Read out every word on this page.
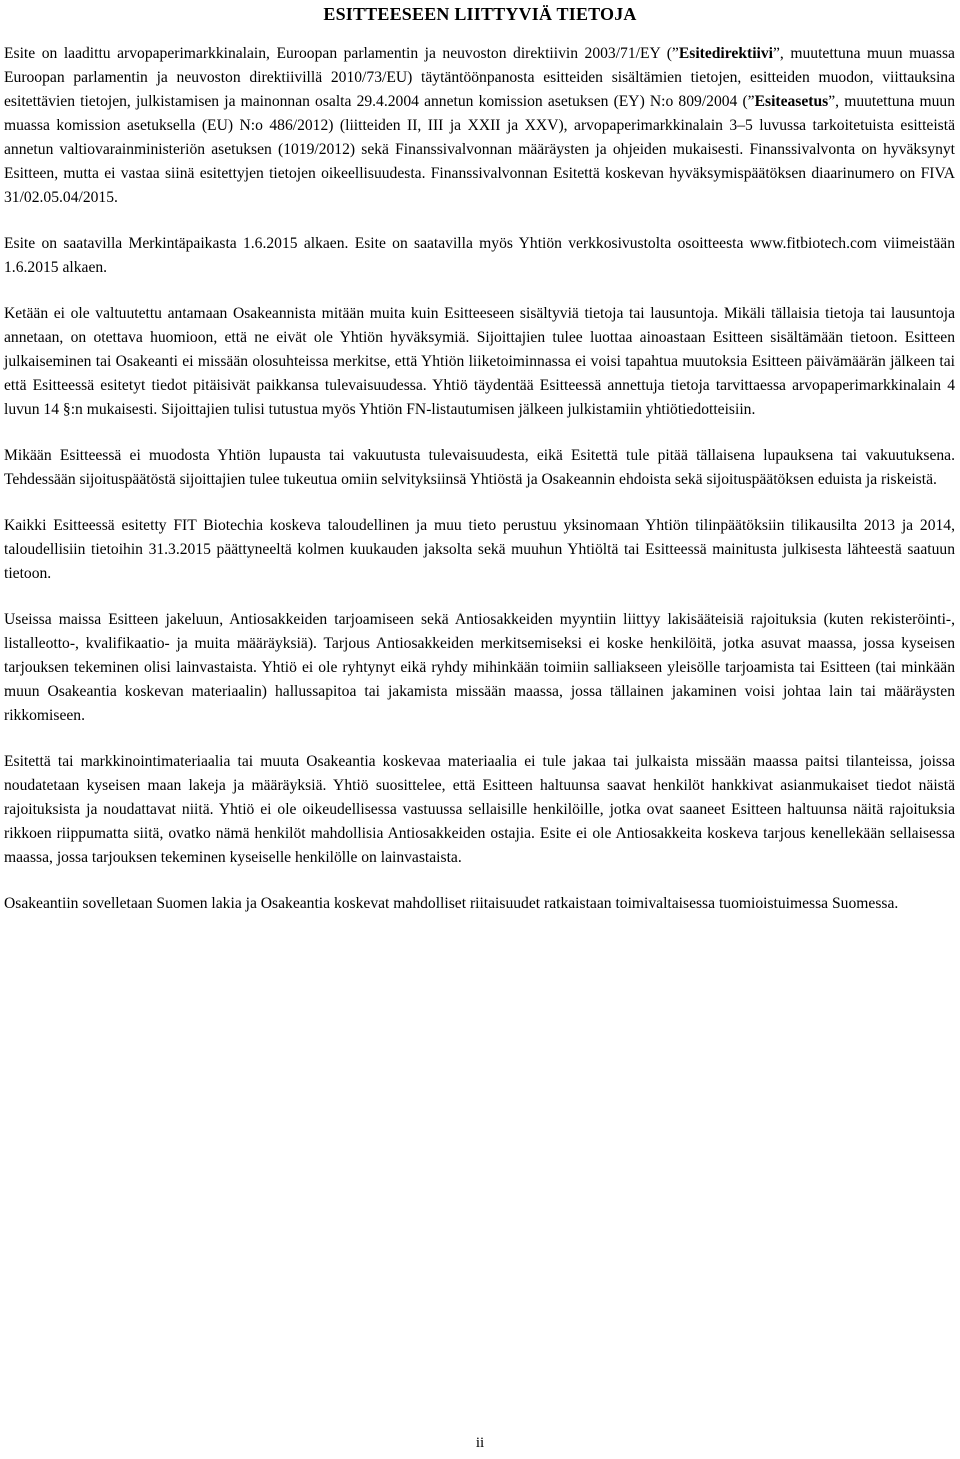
ESITTEESEEN LIITTYVIÄ TIETOJA

Esite on laadittu arvopaperimarkkinalain, Euroopan parlamentin ja neuvoston direktiivin 2003/71/EY (”Esitedirektiivi”, muutettuna muun muassa Euroopan parlamentin ja neuvoston direktiivillä 2010/73/EU) täytäntöönpanosta esitteiden sisältämien tietojen, esitteiden muodon, viittauksina esitettävien tietojen, julkistamisen ja mainonnan osalta 29.4.2004 annetun komission asetuksen (EY) N:o 809/2004 (”Esiteasetus”, muutettuna muun muassa komission asetuksella (EU) N:o 486/2012) (liitteiden II, III ja XXII ja XXV), arvopaperimarkkinalain 3–5 luvussa tarkoitetuista esitteistä annetun valtiovarainministeriön asetuksen (1019/2012) sekä Finanssivalvonnan määräysten ja ohjeiden mukaisesti. Finanssivalvonta on hyväksynyt Esitteen, mutta ei vastaa siinä esitettyjen tietojen oikeellisuudesta. Finanssivalvonnan Esitettä koskevan hyväksymispäätöksen diaarinumero on FIVA 31/02.05.04/2015.

Esite on saatavilla Merkintäpaikasta 1.6.2015 alkaen. Esite on saatavilla myös Yhtiön verkkosivustolta osoitteesta www.fitbiotech.com viimeistään 1.6.2015 alkaen.

Ketään ei ole valtuutettu antamaan Osakeannista mitään muita kuin Esitteeseen sisältyviä tietoja tai lausuntoja. Mikäli tällaisia tietoja tai lausuntoja annetaan, on otettava huomioon, että ne eivät ole Yhtiön hyväksymiä. Sijoittajien tulee luottaa ainoastaan Esitteen sisältämään tietoon. Esitteen julkaiseminen tai Osakeanti ei missään olosuhteissa merkitse, että Yhtiön liiketoiminnassa ei voisi tapahtua muutoksia Esitteen päivämäärän jälkeen tai että Esitteessä esitetyt tiedot pitäisivät paikkansa tulevaisuudessa. Yhtiö täydentää Esitteessä annettuja tietoja tarvittaessa arvopaperimarkkinalain 4 luvun 14 §:n mukaisesti. Sijoittajien tulisi tutustua myös Yhtiön FN-listautumisen jälkeen julkistamiin yhtiötiedotteisiin.

Mikään Esitteessä ei muodosta Yhtiön lupausta tai vakuutusta tulevaisuudesta, eikä Esitettä tule pitää tällaisena lupauksena tai vakuutuksena. Tehdessään sijoituspäätöstä sijoittajien tulee tukeutua omiin selvityksiinsä Yhtiöstä ja Osakeannin ehdoista sekä sijoituspäätöksen eduista ja riskeistä.

Kaikki Esitteessä esitetty FIT Biotechia koskeva taloudellinen ja muu tieto perustuu yksinomaan Yhtiön tilinpäätöksiin tilikausilta 2013 ja 2014, taloudellisiin tietoihin 31.3.2015 päättyneeltä kolmen kuukauden jaksolta sekä muuhun Yhtiöltä tai Esitteessä mainitusta julkisesta lähteestä saatuun tietoon.

Useissa maissa Esitteen jakeluun, Antiosakkeiden tarjoamiseen sekä Antiosakkeiden myyntiin liittyy lakisääteisiä rajoituksia (kuten rekisteröinti-, listalleotto-, kvalifikaatio- ja muita määräyksiä). Tarjous Antiosakkeiden merkitsemiseksi ei koske henkilöitä, jotka asuvat maassa, jossa kyseisen tarjouksen tekeminen olisi lainvastaista. Yhtiö ei ole ryhtynyt eikä ryhdy mihinkään toimiin salliakseen yleisölle tarjoamista tai Esitteen (tai minkään muun Osakeantia koskevan materiaalin) hallussapitoa tai jakamista missään maassa, jossa tällainen jakaminen voisi johtaa lain tai määräysten rikkomiseen.

Esitettä tai markkinointimateriaalia tai muuta Osakeantia koskevaa materiaalia ei tule jakaa tai julkaista missään maassa paitsi tilanteissa, joissa noudatetaan kyseisen maan lakeja ja määräyksiä. Yhtiö suosittelee, että Esitteen haltuunsa saavat henkilöt hankkivat asianmukaiset tiedot näistä rajoituksista ja noudattavat niitä. Yhtiö ei ole oikeudellisessa vastuussa sellaisille henkilöille, jotka ovat saaneet Esitteen haltuunsa näitä rajoituksia rikkoen riippumatta siitä, ovatko nämä henkilöt mahdollisia Antiosakkeiden ostajia. Esite ei ole Antiosakkeita koskeva tarjous kenellekään sellaisessa maassa, jossa tarjouksen tekeminen kyseiselle henkilölle on lainvastaista.

Osakeantiin sovelletaan Suomen lakia ja Osakeantia koskevat mahdolliset riitaisuudet ratkaistaan toimivaltaisessa tuomioistuimessa Suomessa.

ii
